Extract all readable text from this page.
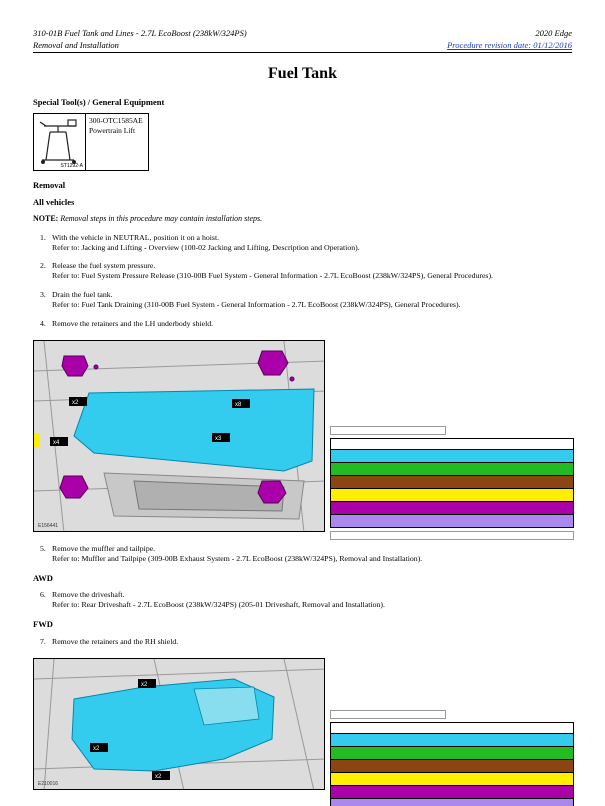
310-01B Fuel Tank and Lines - 2.7L EcoBoost (238kW/324PS)
Removal and Installation
2020 Edge
Procedure revision date: 01/12/2016
Fuel Tank
Special Tool(s) / General Equipment
ST1292-A
300-OTC1585AE
Powertrain Lift
Removal
All vehicles
NOTE: Removal steps in this procedure may contain installation steps.
1. With the vehicle in NEUTRAL, position it on a hoist.
Refer to: Jacking and Lifting - Overview (100-02 Jacking and Lifting, Description and Operation).
2. Release the fuel system pressure.
Refer to: Fuel System Pressure Release (310-00B Fuel System - General Information - 2.7L EcoBoost (238kW/324PS), General Procedures).
3. Drain the fuel tank.
Refer to: Fuel Tank Draining (310-00B Fuel System - General Information - 2.7L EcoBoost (238kW/324PS), General Procedures).
4. Remove the retainers and the LH underbody shield.
x2	x8
x3
x4
E156441
5. Remove the muffler and tailpipe.
Refer to: Muffler and Tailpipe (309-00B Exhaust System - 2.7L EcoBoost (238kW/324PS), Removal and Installation).
AWD
6. Remove the driveshaft.
Refer to: Rear Driveshaft - 2.7L EcoBoost (238kW/324PS) (205-01 Driveshaft, Removal and Installation).
FWD
7. Remove the retainers and the RH shield.
x2
x2
x2
E210016
